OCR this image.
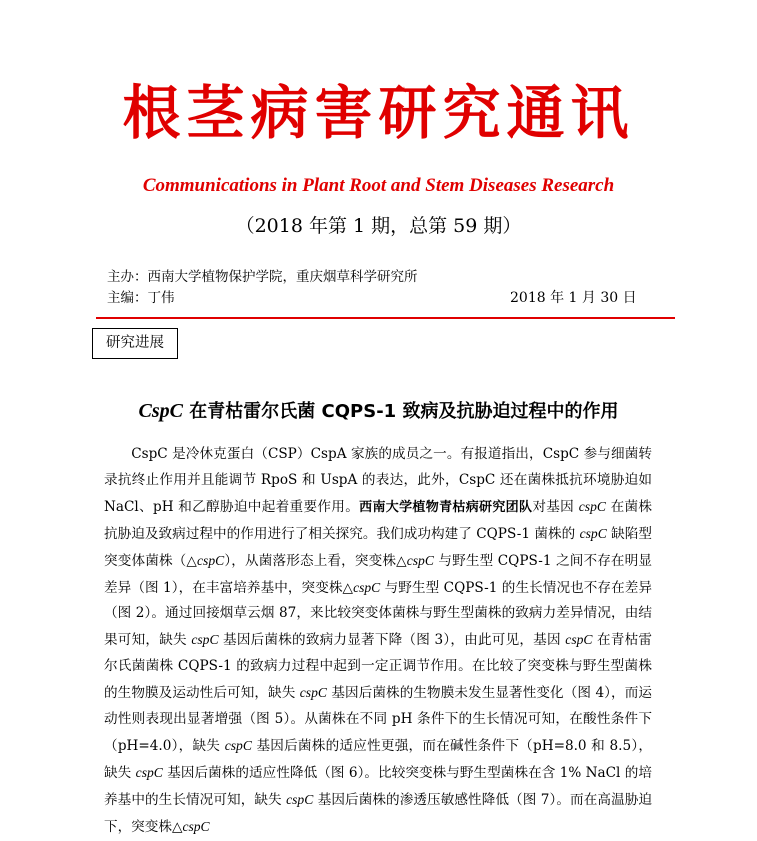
根茎病害研究通讯
Communications in Plant Root and Stem Diseases Research
（2018 年第 1 期，总第 59 期）
主办：西南大学植物保护学院，重庆烟草科学研究所
主编：丁伟	2018 年 1 月 30 日
研究进展
CspC 在青枯雷尔氏菌 CQPS-1 致病及抗胁迫过程中的作用
CspC 是冷休克蛋白（CSP）CspA 家族的成员之一。有报道指出，CspC 参与细菌转录抗终止作用并且能调节 RpoS 和 UspA 的表达，此外，CspC 还在菌株抵抗环境胁迫如 NaCl、pH 和乙醇胁迫中起着重要作用。西南大学植物青枯病研究团队对基因 cspC 在菌株抗胁迫及致病过程中的作用进行了相关探究。我们成功构建了 CQPS-1 菌株的 cspC 缺陷型突变体菌株（△cspC），从菌落形态上看，突变株△cspC 与野生型 CQPS-1 之间不存在明显差异（图 1），在丰富培养基中，突变株△cspC 与野生型 CQPS-1 的生长情况也不存在差异（图 2）。通过回接烟草云烟 87，来比较突变体菌株与野生型菌株的致病力差异情况，由结果可知，缺失 cspC 基因后菌株的致病力显著下降（图 3），由此可见，基因 cspC 在青枯雷尔氏菌菌株 CQPS-1 的致病力过程中起到一定正调节作用。在比较了突变株与野生型菌株的生物膜及运动性后可知，缺失 cspC 基因后菌株的生物膜未发生显著性变化（图 4），而运动性则表现出显著增强（图 5）。从菌株在不同 pH 条件下的生长情况可知，在酸性条件下（pH=4.0），缺失 cspC 基因后菌株的适应性更强，而在碱性条件下（pH=8.0 和 8.5），缺失 cspC 基因后菌株的适应性降低（图 6）。比较突变株与野生型菌株在含 1% NaCl 的培养基中的生长情况可知，缺失 cspC 基因后菌株的渗透压敏感性降低（图 7）。而在高温胁迫下，突变株△cspC
